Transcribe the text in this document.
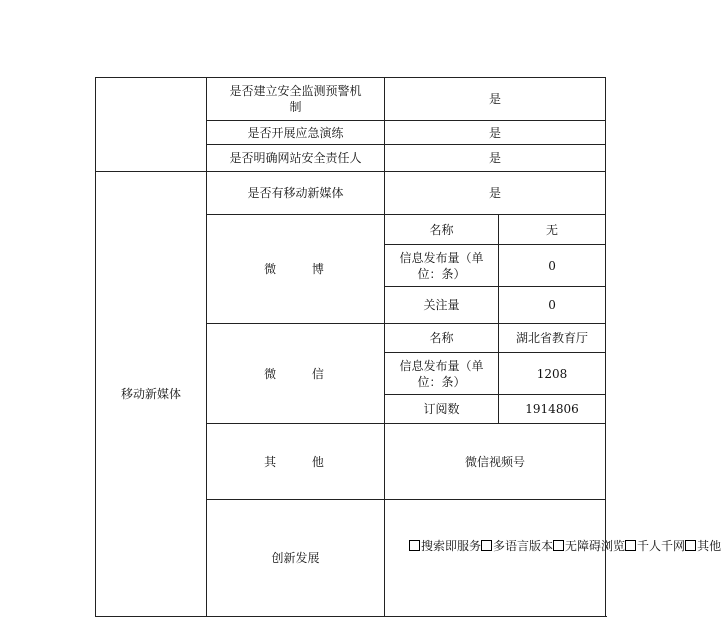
	是否建立安全监测预警机制	是	
	是否开展应急演练	是	
	是否明确网站安全责任人	是	
移动新媒体	是否有移动新媒体	是	
	微 博	名称	无
		信息发布量（单位：条）	0
		关注量	0
	微 信	名称	湖北省教育厅
		信息发布量（单位：条）	1208
		订阅数	1914806
	其 他	微信视频号	
	创新发展	搜索即服务 多语言版本 无障碍浏览 千人千网 其他	
